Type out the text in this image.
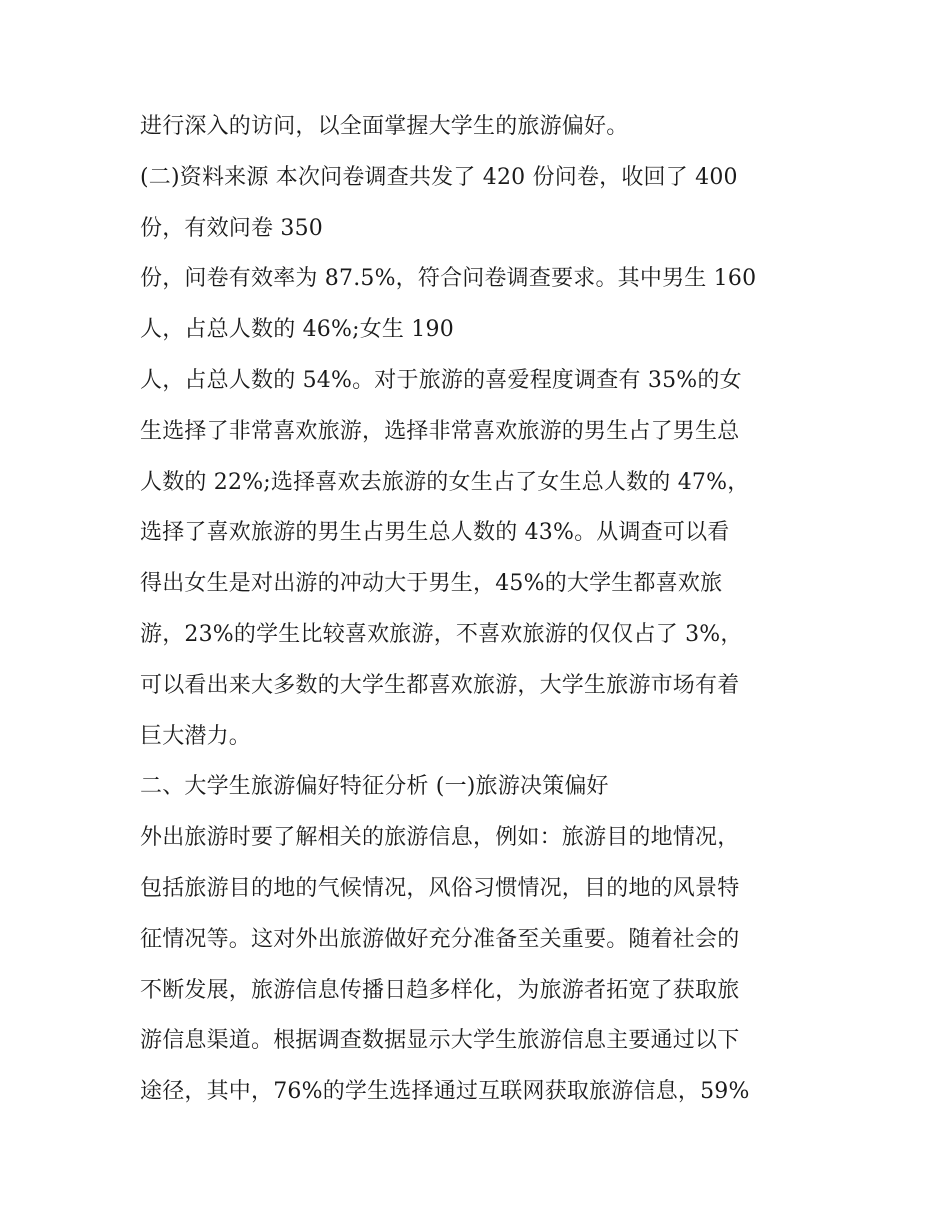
进行深入的访问，以全面掌握大学生的旅游偏好。
(二)资料来源 本次问卷调查共发了 420 份问卷，收回了 400
份，有效问卷 350
份，问卷有效率为 87.5%，符合问卷调查要求。其中男生 160
人，占总人数的 46%;女生 190
人，占总人数的 54%。对于旅游的喜爱程度调查有 35%的女
生选择了非常喜欢旅游，选择非常喜欢旅游的男生占了男生总
人数的 22%;选择喜欢去旅游的女生占了女生总人数的 47%，
选择了喜欢旅游的男生占男生总人数的 43%。从调查可以看
得出女生是对出游的冲动大于男生，45%的大学生都喜欢旅
游，23%的学生比较喜欢旅游，不喜欢旅游的仅仅占了 3%，
可以看出来大多数的大学生都喜欢旅游，大学生旅游市场有着
巨大潜力。
二、大学生旅游偏好特征分析 (一)旅游决策偏好
外出旅游时要了解相关的旅游信息，例如：旅游目的地情况，
包括旅游目的地的气候情况，风俗习惯情况，目的地的风景特
征情况等。这对外出旅游做好充分准备至关重要。随着社会的
不断发展，旅游信息传播日趋多样化，为旅游者拓宽了获取旅
游信息渠道。根据调查数据显示大学生旅游信息主要通过以下
途径，其中，76%的学生选择通过互联网获取旅游信息，59%
